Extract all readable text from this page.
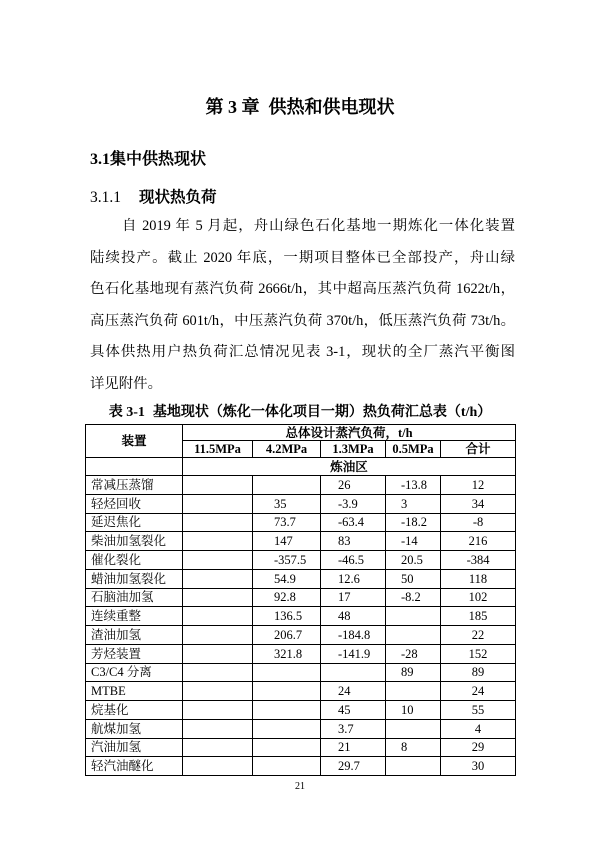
第 3 章 供热和供电现状
3.1集中供热现状
3.1.1 现状热负荷
自 2019 年 5 月起，舟山绿色石化基地一期炼化一体化装置
陆续投产。截止 2020 年底，一期项目整体已全部投产，舟山绿
色石化基地现有蒸汽负荷 2666t/h，其中超高压蒸汽负荷 1622t/h，
高压蒸汽负荷 601t/h，中压蒸汽负荷 370t/h，低压蒸汽负荷 73t/h。
具体供热用户热负荷汇总情况见表 3-1，现状的全厂蒸汽平衡图
详见附件。
表 3-1 基地现状（炼化一体化项目一期）热负荷汇总表（t/h）
装置	总体设计蒸汽负荷，t/h				
	11.5MPa	4.2MPa	1.3MPa	0.5MPa	合计
	炼油区				
常减压蒸馏			26	-13.8	12
轻烃回收		35	-3.9	3	34
延迟焦化		73.7	-63.4	-18.2	-8
柴油加氢裂化		147	83	-14	216
催化裂化		-357.5	-46.5	20.5	-384
蜡油加氢裂化		54.9	12.6	50	118
石脑油加氢		92.8	17	-8.2	102
连续重整		136.5	48		185
渣油加氢		206.7	-184.8		22
芳烃装置		321.8	-141.9	-28	152
C3/C4 分离				89	89
MTBE			24		24
烷基化			45	10	55
航煤加氢			3.7		4
汽油加氢			21	8	29
轻汽油醚化			29.7		30
21
